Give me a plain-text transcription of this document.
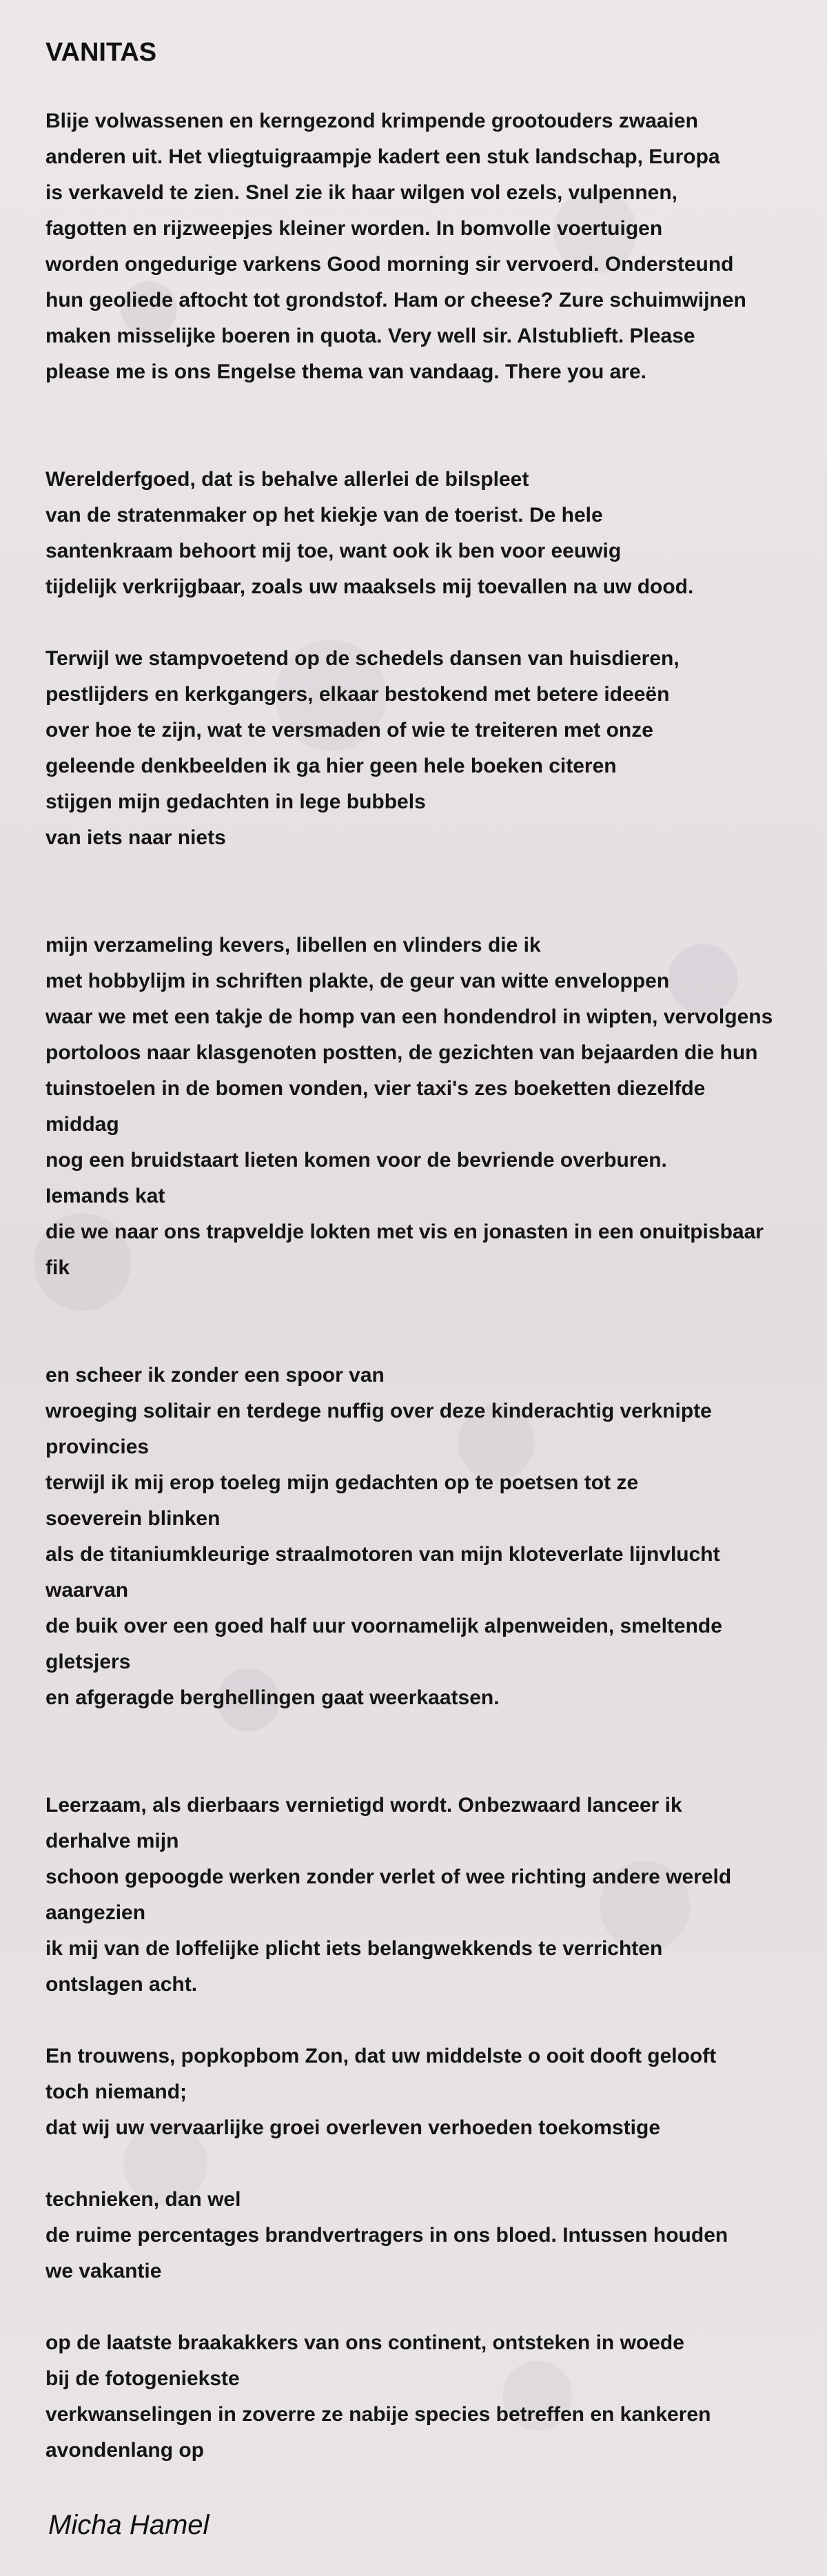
VANITAS
Blije volwassenen en kerngezond krimpende grootouders zwaaien
anderen uit. Het vliegtuigraampje kadert een stuk landschap, Europa
is verkaveld te zien. Snel zie ik haar wilgen vol ezels, vulpennen,
fagotten en rijzweepjes kleiner worden. In bomvolle voertuigen
worden ongedurige varkens Good morning sir vervoerd. Ondersteund
hun geoliede aftocht tot grondstof. Ham or cheese? Zure schuimwijnen
maken misselijke boeren in quota. Very well sir. Alstublieft. Please
please me is ons Engelse thema van vandaag. There you are.
Werelderfgoed, dat is behalve allerlei de bilspleet
van de stratenmaker op het kiekje van de toerist. De hele
santenkraam behoort mij toe, want ook ik ben voor eeuwig
tijdelijk verkrijgbaar, zoals uw maaksels mij toevallen na uw dood.
Terwijl we stampvoetend op de schedels dansen van huisdieren,
pestlijders en kerkgangers, elkaar bestokend met betere ideeën
over hoe te zijn, wat te versmaden of wie te treiteren met onze
geleende denkbeelden ik ga hier geen hele boeken citeren
stijgen mijn gedachten in lege bubbels
van iets naar niets
mijn verzameling kevers, libellen en vlinders die ik
met hobbylijm in schriften plakte, de geur van witte enveloppen
waar we met een takje de homp van een hondendrol in wipten, vervolgens
portoloos naar klasgenoten postten, de gezichten van bejaarden die hun
tuinstoelen in de bomen vonden, vier taxi's zes boeketten diezelfde
middag
nog een bruidstaart lieten komen voor de bevriende overburen.
Iemands kat
die we naar ons trapveldje lokten met vis en jonasten in een onuitpisbaar
fik
en scheer ik zonder een spoor van
wroeging solitair en terdege nuffig over deze kinderachtig verknipte
provincies
terwijl ik mij erop toeleg mijn gedachten op te poetsen tot ze
soeverein blinken
als de titaniumkleurige straalmotoren van mijn kloteverlate lijnvlucht
waarvan
de buik over een goed half uur voornamelijk alpenweiden, smeltende
gletsjers
en afgeragde berghellingen gaat weerkaatsen.
Leerzaam, als dierbaars vernietigd wordt. Onbezwaard lanceer ik
derhalve mijn
schoon gepoogde werken zonder verlet of wee richting andere wereld
aangezien
ik mij van de loffelijke plicht iets belangwekkends te verrichten
ontslagen acht.
En trouwens, popkopbom Zon, dat uw middelste o ooit dooft gelooft
toch niemand;
dat wij uw vervaarlijke groei overleven verhoeden toekomstige
technieken, dan wel
de ruime percentages brandvertragers in ons bloed. Intussen houden
we vakantie
op de laatste braakakkers van ons continent, ontsteken in woede
bij de fotogeniekste
verkwanselingen in zoverre ze nabije species betreffen en kankeren
avondenlang op
Micha Hamel
